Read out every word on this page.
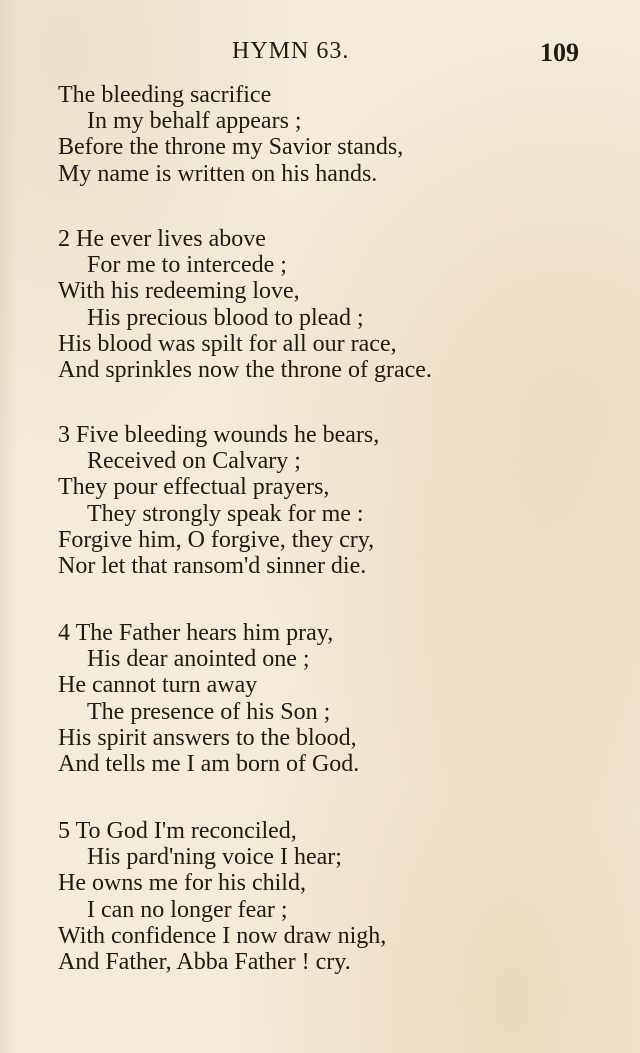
HYMN 63.	109
The bleeding sacrifice
In my behalf appears ;
Before the throne my Savior stands,
My name is written on his hands.
2 He ever lives above
For me to intercede ;
With his redeeming love,
His precious blood to plead ;
His blood was spilt for all our race,
And sprinkles now the throne of grace.
3 Five bleeding wounds he bears,
Received on Calvary ;
They pour effectual prayers,
They strongly speak for me :
Forgive him, O forgive, they cry,
Nor let that ransom'd sinner die.
4 The Father hears him pray,
His dear anointed one ;
He cannot turn away
The presence of his Son ;
His spirit answers to the blood,
And tells me I am born of God.
5 To God I'm reconciled,
His pard'ning voice I hear;
He owns me for his child,
I can no longer fear ;
With confidence I now draw nigh,
And Father, Abba Father ! cry.
